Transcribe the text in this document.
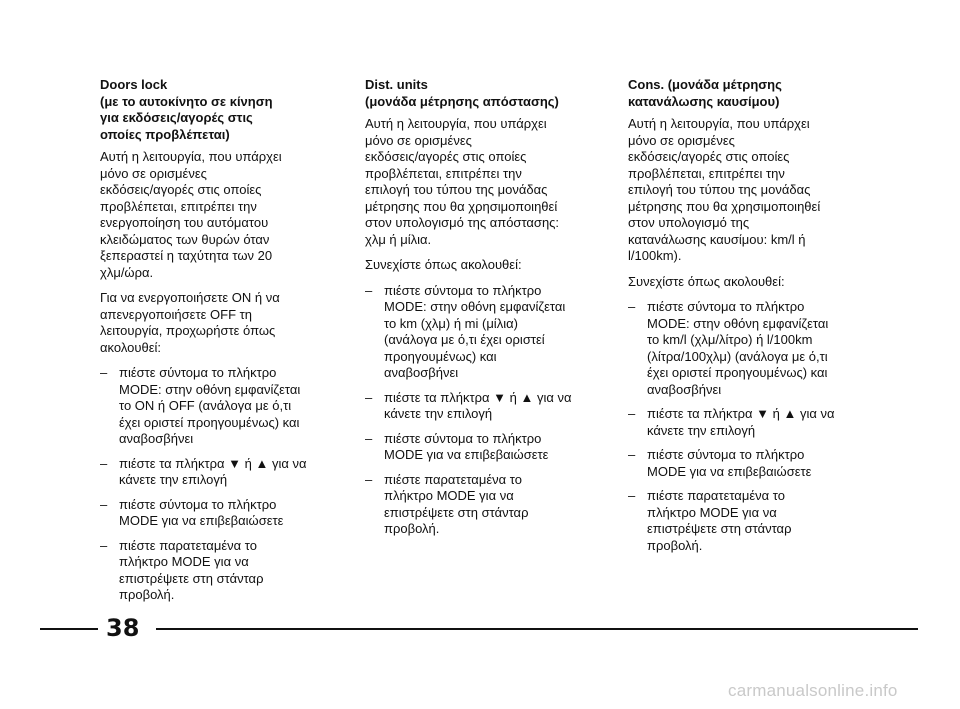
Doors lock
(με το αυτοκίνητο σε κίνηση
για εκδόσεις/αγορές στις
οποίες προβλέπεται)
Αυτή η λειτουργία, που υπάρχει
μόνο σε ορισμένες
εκδόσεις/αγορές στις οποίες
προβλέπεται, επιτρέπει την
ενεργοποίηση του αυτόματου
κλειδώματος των θυρών όταν
ξεπεραστεί η ταχύτητα των 20
χλμ/ώρα.
Για να ενεργοποιήσετε ON ή να
απενεργοποιήσετε OFF τη
λειτουργία, προχωρήστε όπως
ακολουθεί:
– πιέστε σύντομα το πλήκτρο
MODE: στην οθόνη εμφανίζεται
το ON ή OFF (ανάλογα με ό,τι
έχει οριστεί προηγουμένως) και
αναβοσβήνει
– πιέστε τα πλήκτρα ▼ ή ▲ για να
κάνετε την επιλογή
– πιέστε σύντομα το πλήκτρο
MODE για να επιβεβαιώσετε
– πιέστε παρατεταμένα το
πλήκτρο MODE για να
επιστρέψετε στη στάνταρ
προβολή.
Dist. units
(μονάδα μέτρησης απόστασης)
Αυτή η λειτουργία, που υπάρχει
μόνο σε ορισμένες
εκδόσεις/αγορές στις οποίες
προβλέπεται, επιτρέπει την
επιλογή του τύπου της μονάδας
μέτρησης που θα χρησιμοποιηθεί
στον υπολογισμό της απόστασης:
χλμ ή μίλια.
Συνεχίστε όπως ακολουθεί:
– πιέστε σύντομα το πλήκτρο
MODE: στην οθόνη εμφανίζεται
το km (χλμ) ή mi (μίλια)
(ανάλογα με ό,τι έχει οριστεί
προηγουμένως) και
αναβοσβήνει
– πιέστε τα πλήκτρα ▼ ή ▲ για να
κάνετε την επιλογή
– πιέστε σύντομα το πλήκτρο
MODE για να επιβεβαιώσετε
– πιέστε παρατεταμένα το
πλήκτρο MODE για να
επιστρέψετε στη στάνταρ
προβολή.
Cons. (μονάδα μέτρησης
κατανάλωσης καυσίμου)
Αυτή η λειτουργία, που υπάρχει
μόνο σε ορισμένες
εκδόσεις/αγορές στις οποίες
προβλέπεται, επιτρέπει την
επιλογή του τύπου της μονάδας
μέτρησης που θα χρησιμοποιηθεί
στον υπολογισμό της
κατανάλωσης καυσίμου: km/l ή
l/100km).
Συνεχίστε όπως ακολουθεί:
– πιέστε σύντομα το πλήκτρο
MODE: στην οθόνη εμφανίζεται
το km/l (χλμ/λίτρο) ή l/100km
(λίτρα/100χλμ) (ανάλογα με ό,τι
έχει οριστεί προηγουμένως) και
αναβοσβήνει
– πιέστε τα πλήκτρα ▼ ή ▲ για να
κάνετε την επιλογή
– πιέστε σύντομα το πλήκτρο
MODE για να επιβεβαιώσετε
– πιέστε παρατεταμένα το
πλήκτρο MODE για να
επιστρέψετε στη στάνταρ
προβολή.
38
carmanualsonline.info
